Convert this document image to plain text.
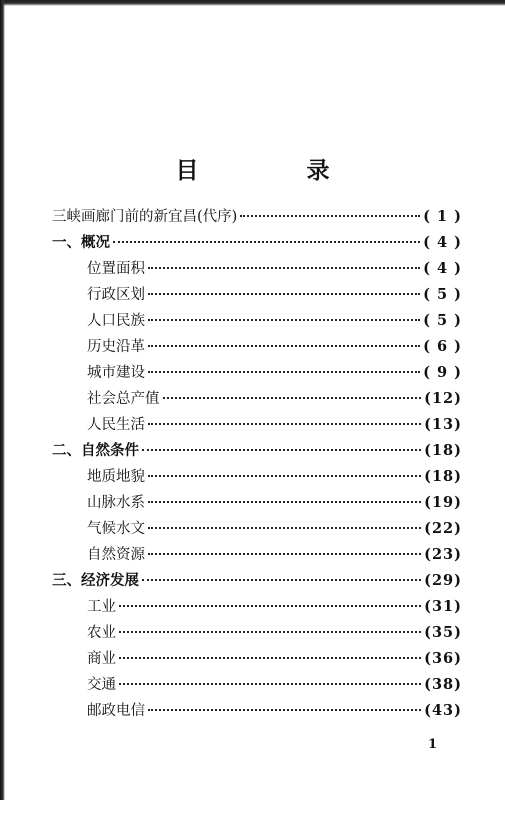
目 录
三峡画廊门前的新宜昌(代序)	( 1 )
一、概况	( 4 )
位置面积	( 4 )
行政区划	( 5 )
人口民族	( 5 )
历史沿革	( 6 )
城市建设	( 9 )
社会总产值	(12)
人民生活	(13)
二、自然条件	(18)
地质地貌	(18)
山脉水系	(19)
气候水文	(22)
自然资源	(23)
三、经济发展	(29)
工业	(31)
农业	(35)
商业	(36)
交通	(38)
邮政电信	(43)
1
